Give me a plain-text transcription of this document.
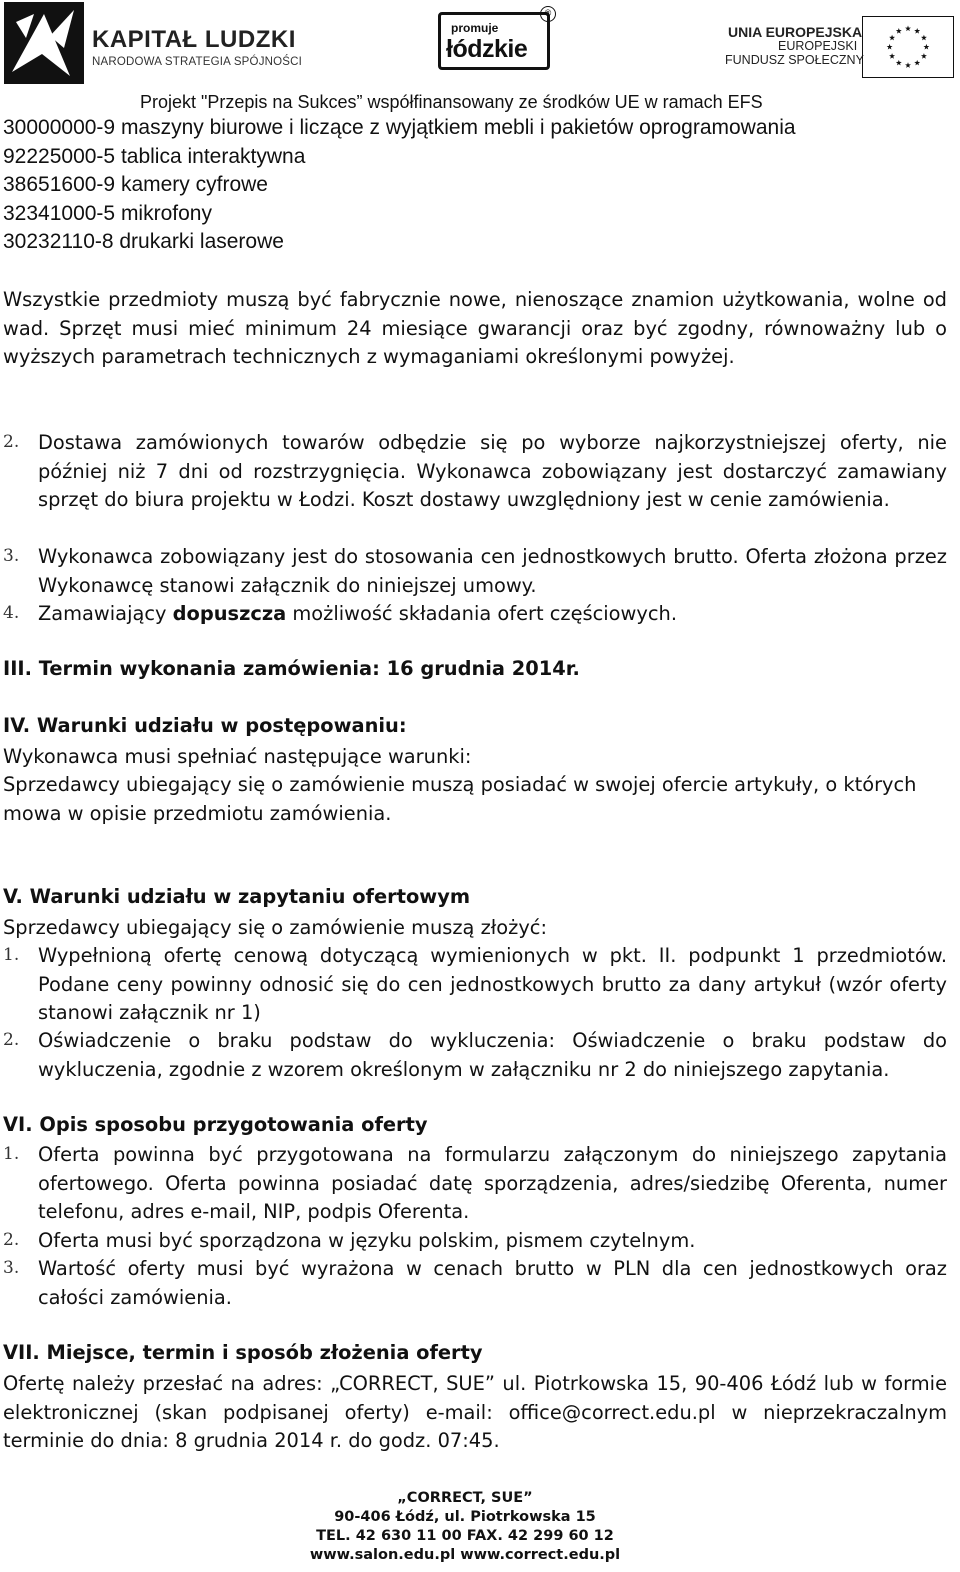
KAPITAŁ LUDZKI
NARODOWA STRATEGIA SPÓJNOŚCI
promuje
łódzkie
®
UNIA EUROPEJSKA
EUROPEJSKI
FUNDUSZ SPOŁECZNY
Projekt "Przepis na Sukces” współfinansowany ze środków UE w ramach EFS
30000000-9 maszyny biurowe i liczące z wyjątkiem mebli i pakietów oprogramowania
92225000-5 tablica interaktywna
38651600-9 kamery cyfrowe
32341000-5 mikrofony
30232110-8 drukarki laserowe
Wszystkie przedmioty muszą być fabrycznie nowe, nienoszące znamion użytkowania, wolne od wad. Sprzęt musi mieć minimum 24 miesiące gwarancji oraz być zgodny, równoważny lub o wyższych parametrach technicznych z wymaganiami określonymi powyżej.
2. Dostawa zamówionych towarów odbędzie się po wyborze najkorzystniejszej oferty, nie później niż 7 dni od rozstrzygnięcia. Wykonawca zobowiązany jest dostarczyć zamawiany sprzęt do biura projektu w Łodzi. Koszt dostawy uwzględniony jest w cenie zamówienia.
3. Wykonawca zobowiązany jest do stosowania cen jednostkowych brutto. Oferta złożona przez Wykonawcę stanowi załącznik do niniejszej umowy.
4. Zamawiający dopuszcza możliwość składania ofert częściowych.
III. Termin wykonania zamówienia: 16 grudnia 2014r.
IV. Warunki udziału w postępowaniu:
Wykonawca musi spełniać następujące warunki:
Sprzedawcy ubiegający się o zamówienie muszą posiadać w swojej ofercie artykuły, o których mowa w opisie przedmiotu zamówienia.
V. Warunki udziału w zapytaniu ofertowym
Sprzedawcy ubiegający się o zamówienie muszą złożyć:
1. Wypełnioną ofertę cenową dotyczącą wymienionych w pkt. II. podpunkt 1 przedmiotów. Podane ceny powinny odnosić się do cen jednostkowych brutto za dany artykuł (wzór oferty stanowi załącznik nr 1)
2. Oświadczenie o braku podstaw do wykluczenia: Oświadczenie o braku podstaw do wykluczenia, zgodnie z wzorem określonym w załączniku nr 2 do niniejszego zapytania.
VI. Opis sposobu przygotowania oferty
1. Oferta powinna być przygotowana na formularzu załączonym do niniejszego zapytania ofertowego. Oferta powinna posiadać datę sporządzenia, adres/siedzibę Oferenta, numer telefonu, adres e-mail, NIP, podpis Oferenta.
2. Oferta musi być sporządzona w języku polskim, pismem czytelnym.
3. Wartość oferty musi być wyrażona w cenach brutto w PLN dla cen jednostkowych oraz całości zamówienia.
VII. Miejsce, termin i sposób złożenia oferty
Ofertę należy przesłać na adres: „CORRECT, SUE” ul. Piotrkowska 15, 90-406 Łódź lub w formie elektronicznej (skan podpisanej oferty) e-mail: office@correct.edu.pl w nieprzekraczalnym terminie do dnia: 8 grudnia 2014 r. do godz. 07:45.
„CORRECT, SUE”
90-406 Łódź, ul. Piotrkowska 15
TEL. 42 630 11 00 FAX. 42 299 60 12
www.salon.edu.pl www.correct.edu.pl
